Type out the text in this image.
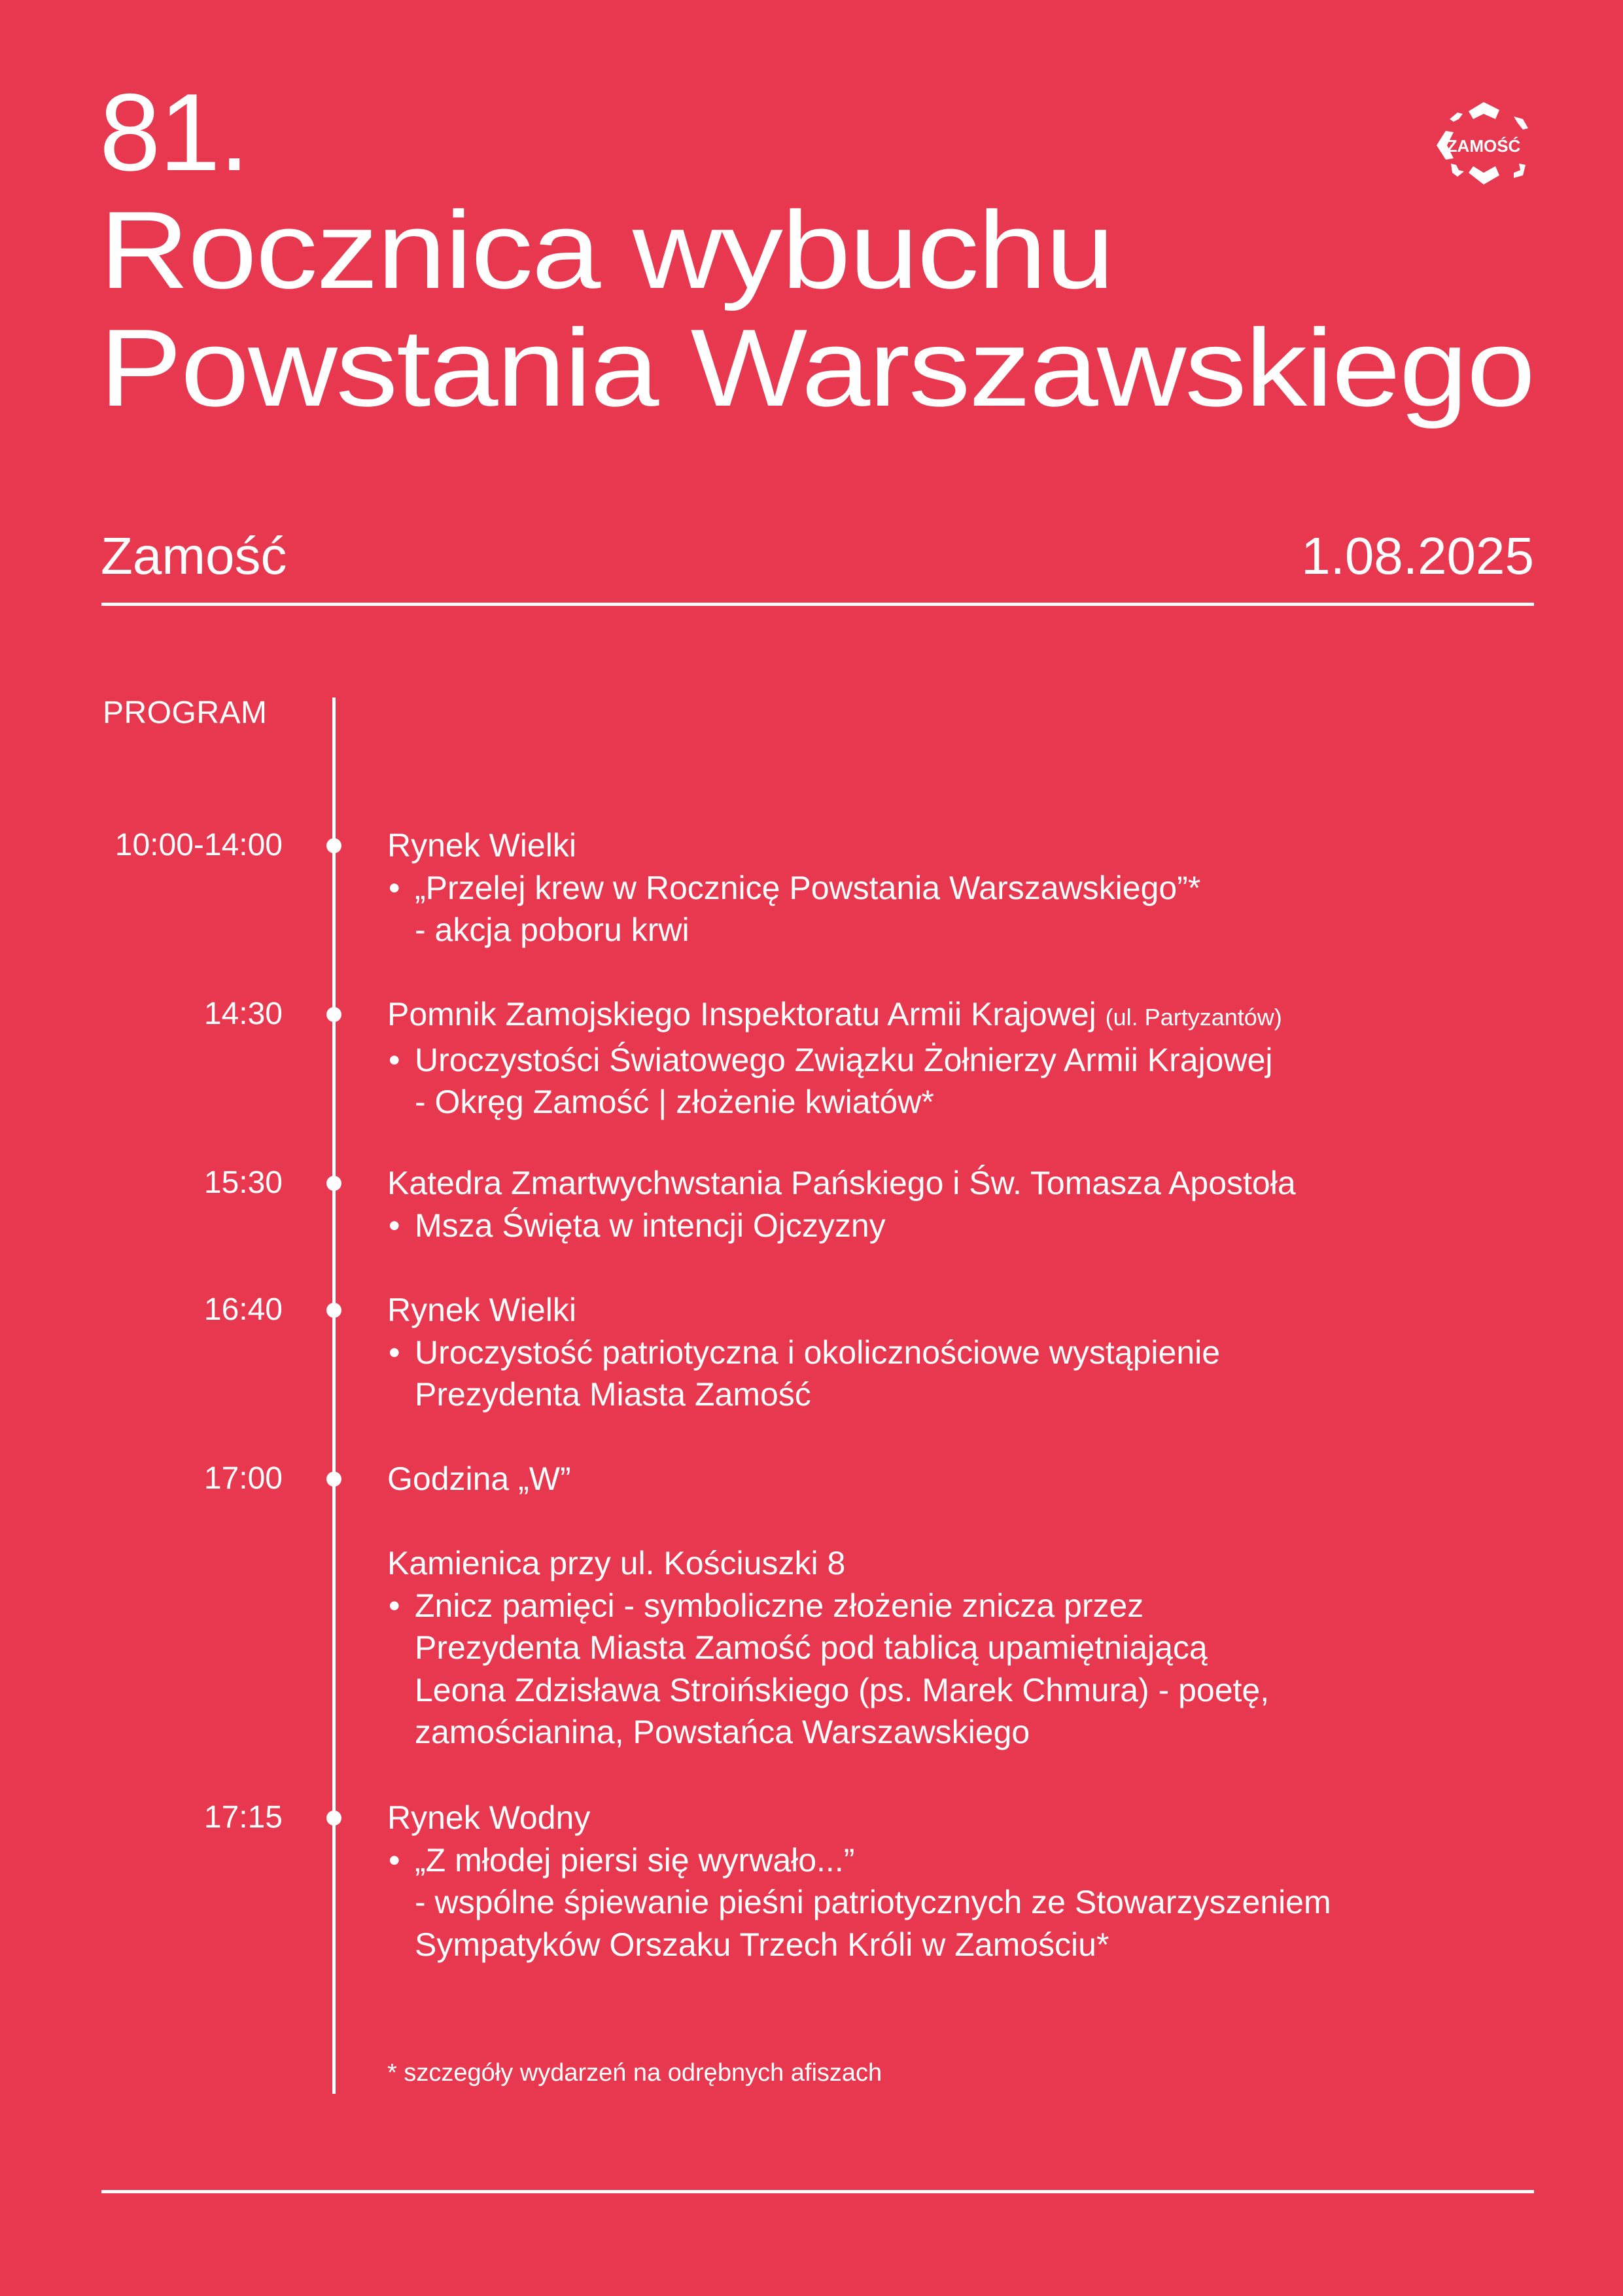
81.
Rocznica wybuchu
Powstania Warszawskiego
ZAMOŚĆ
Zamość	1.08.2025
PROGRAM
10:00-14:00	Rynek Wielki
• „Przelej krew w Rocznicę Powstania Warszawskiego”*
- akcja poboru krwi
14:30	Pomnik Zamojskiego Inspektoratu Armii Krajowej (ul. Partyzantów)
• Uroczystości Światowego Związku Żołnierzy Armii Krajowej
- Okręg Zamość | złożenie kwiatów*
15:30	Katedra Zmartwychwstania Pańskiego i Św. Tomasza Apostoła
• Msza Święta w intencji Ojczyzny
16:40	Rynek Wielki
• Uroczystość patriotyczna i okolicznościowe wystąpienie
Prezydenta Miasta Zamość
17:00	Godzina „W”
Kamienica przy ul. Kościuszki 8
• Znicz pamięci - symboliczne złożenie znicza przez
Prezydenta Miasta Zamość pod tablicą upamiętniającą
Leona Zdzisława Stroińskiego (ps. Marek Chmura) - poetę,
zamościanina, Powstańca Warszawskiego
17:15	Rynek Wodny
• „Z młodej piersi się wyrwało...”
- wspólne śpiewanie pieśni patriotycznych ze Stowarzyszeniem
Sympatyków Orszaku Trzech Króli w Zamościu*
* szczegóły wydarzeń na odrębnych afiszach
